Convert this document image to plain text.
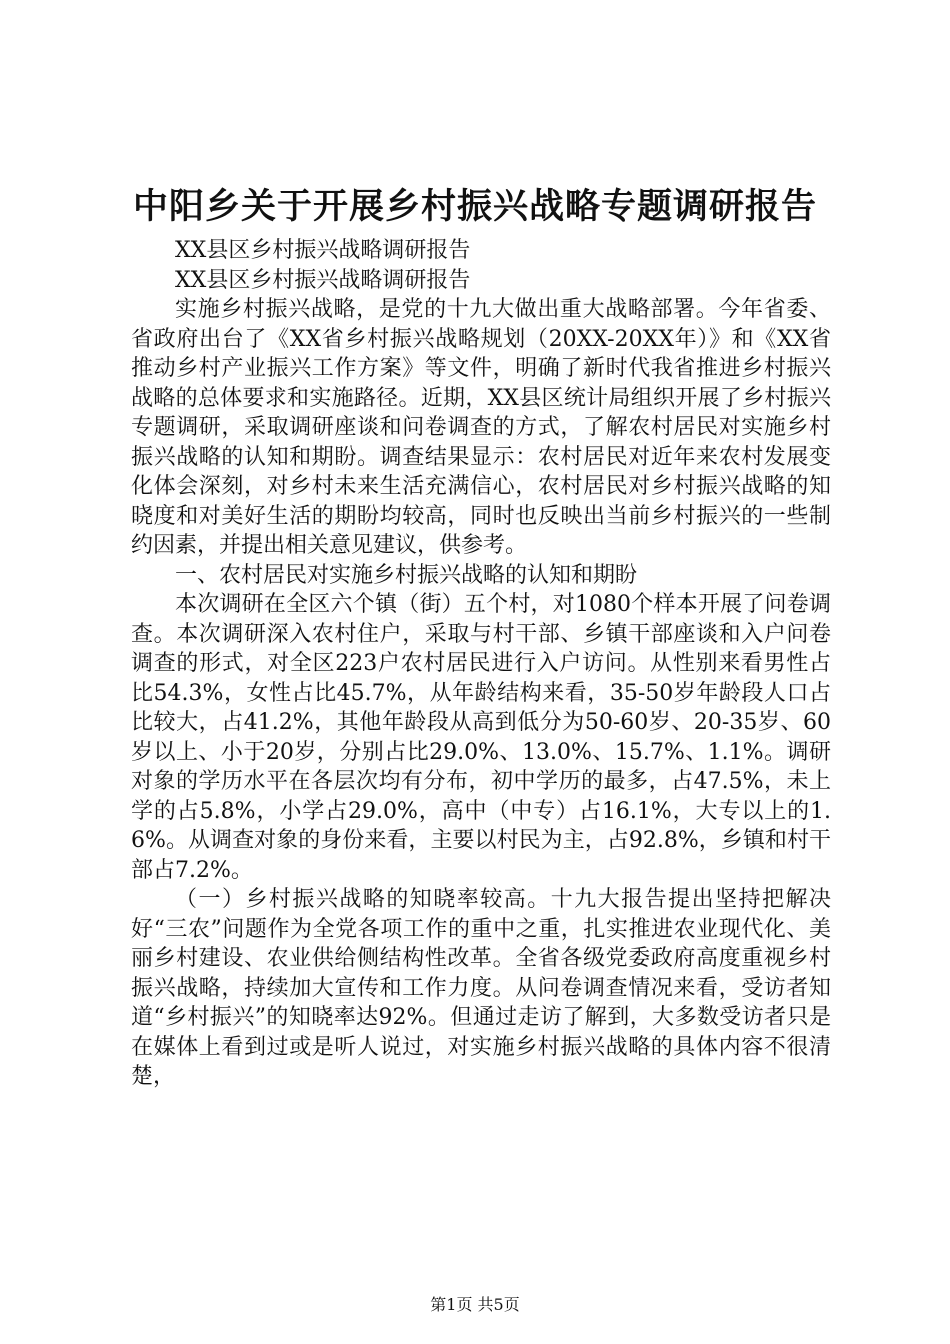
中阳乡关于开展乡村振兴战略专题调研报告

XX县区乡村振兴战略调研报告

XX县区乡村振兴战略调研报告

实施乡村振兴战略，是党的十九大做出重大战略部署。今年省委、省政府出台了《XX省乡村振兴战略规划（20XX-20XX年）》和《XX省推动乡村产业振兴工作方案》等文件，明确了新时代我省推进乡村振兴战略的总体要求和实施路径。近期，XX县区统计局组织开展了乡村振兴专题调研，采取调研座谈和问卷调查的方式，了解农村居民对实施乡村振兴战略的认知和期盼。调查结果显示：农村居民对近年来农村发展变化体会深刻，对乡村未来生活充满信心，农村居民对乡村振兴战略的知晓度和对美好生活的期盼均较高，同时也反映出当前乡村振兴的一些制约因素，并提出相关意见建议，供参考。

一、农村居民对实施乡村振兴战略的认知和期盼

本次调研在全区六个镇（街）五个村，对1080个样本开展了问卷调查。本次调研深入农村住户，采取与村干部、乡镇干部座谈和入户问卷调查的形式，对全区223户农村居民进行入户访问。从性别来看男性占比54.3%，女性占比45.7%，从年龄结构来看，35-50岁年龄段人口占比较大，占41.2%，其他年龄段从高到低分为50-60岁、20-35岁、60岁以上、小于20岁，分别占比29.0%、13.0%、15.7%、1.1%。调研对象的学历水平在各层次均有分布，初中学历的最多，占47.5%，未上学的占5.8%，小学占29.0%，高中（中专）占16.1%，大专以上的1.6%。从调查对象的身份来看，主要以村民为主，占92.8%，乡镇和村干部占7.2%。

（一）乡村振兴战略的知晓率较高。十九大报告提出坚持把解决好“三农”问题作为全党各项工作的重中之重，扎实推进农业现代化、美丽乡村建设、农业供给侧结构性改革。全省各级党委政府高度重视乡村振兴战略，持续加大宣传和工作力度。从问卷调查情况来看，受访者知道“乡村振兴”的知晓率达92%。但通过走访了解到，大多数受访者只是在媒体上看到过或是听人说过，对实施乡村振兴战略的具体内容不很清楚，

第1页 共5页
